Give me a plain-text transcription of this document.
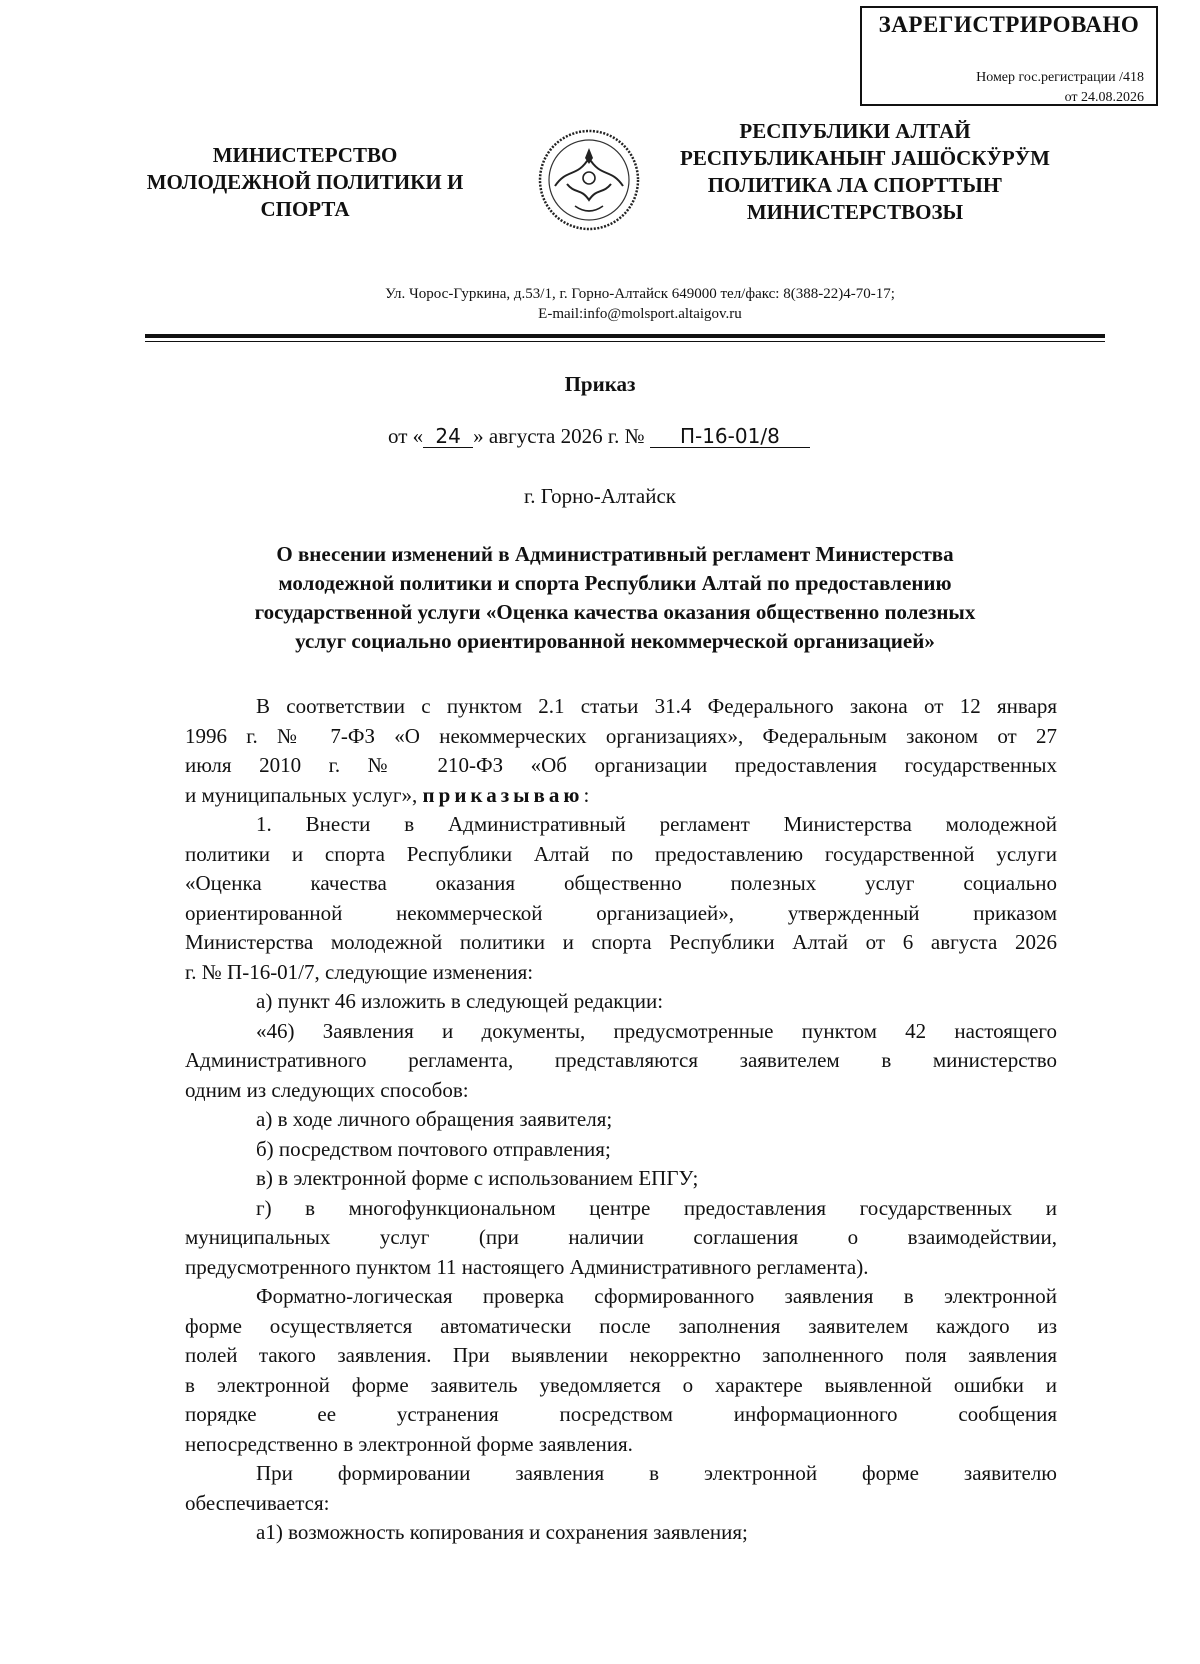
ЗАРЕГИСТРИРОВАНО
Номер гос.регистрации /418
от 24.08.2026
МИНИСТЕРСТВО
МОЛОДЕЖНОЙ ПОЛИТИКИ И
СПОРТА
РЕСПУБЛИКИ АЛТАЙ
РЕСПУБЛИКАНЫҤ ЈАШӦСКӰРӰМ
ПОЛИТИКА ЛА СПОРТТЫҤ
МИНИСТЕРСТВОЗЫ
Ул. Чорос-Гуркина, д.53/1, г. Горно-Алтайск 649000 тел/факс: 8(388-22)4-70-17;
E-mail:info@molsport.altaigov.ru
Приказ
от « 24 » августа 2026 г. № П-16-01/8
г. Горно-Алтайск
О внесении изменений в Административный регламент Министерства
молодежной политики и спорта Республики Алтай по предоставлению
государственной услуги «Оценка качества оказания общественно полезных
услуг социально ориентированной некоммерческой организацией»
В соответствии с пунктом 2.1 статьи 31.4 Федерального закона от 12 января
1996 г. № 7-ФЗ «О некоммерческих организациях», Федеральным законом от 27
июля 2010 г. № 210-ФЗ «Об организации предоставления государственных
и муниципальных услуг», приказываю:
1. Внести в Административный регламент Министерства молодежной
политики и спорта Республики Алтай по предоставлению государственной услуги
«Оценка качества оказания общественно полезных услуг социально
ориентированной некоммерческой организацией», утвержденный приказом
Министерства молодежной политики и спорта Республики Алтай от 6 августа 2026
г. № П-16-01/7, следующие изменения:
а) пункт 46 изложить в следующей редакции:
«46) Заявления и документы, предусмотренные пунктом 42 настоящего
Административного регламента, представляются заявителем в министерство
одним из следующих способов:
а) в ходе личного обращения заявителя;
б) посредством почтового отправления;
в) в электронной форме с использованием ЕПГУ;
г) в многофункциональном центре предоставления государственных и
муниципальных услуг (при наличии соглашения о взаимодействии,
предусмотренного пунктом 11 настоящего Административного регламента).
Форматно-логическая проверка сформированного заявления в электронной
форме осуществляется автоматически после заполнения заявителем каждого из
полей такого заявления. При выявлении некорректно заполненного поля заявления
в электронной форме заявитель уведомляется о характере выявленной ошибки и
порядке ее устранения посредством информационного сообщения
непосредственно в электронной форме заявления.
При формировании заявления в электронной форме заявителю
обеспечивается:
а1) возможность копирования и сохранения заявления;
